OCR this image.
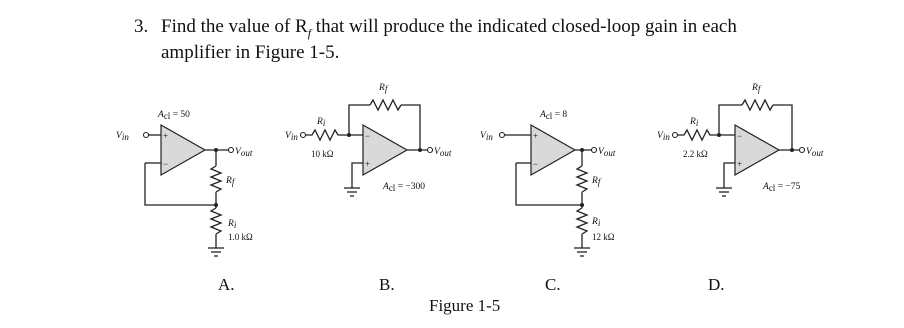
3. Find the value of $R_f$ that will produce the indicated closed-loop gain in each
amplifier in Figure 1-5.
Acl = 50
Vin	+
−
Vout
Rf
Ri
1.0 kΩ
A.
Vin
Ri
10 kΩ
Rf
−
+
Vout
Acl = −300
B.
Acl = 8
Vin	+
−
Vout
Rf
Ri
12 kΩ
C.
Vin
Ri
2.2 kΩ
Rf
−
+
Vout
Acl = −75
D.
Figure 1-5
